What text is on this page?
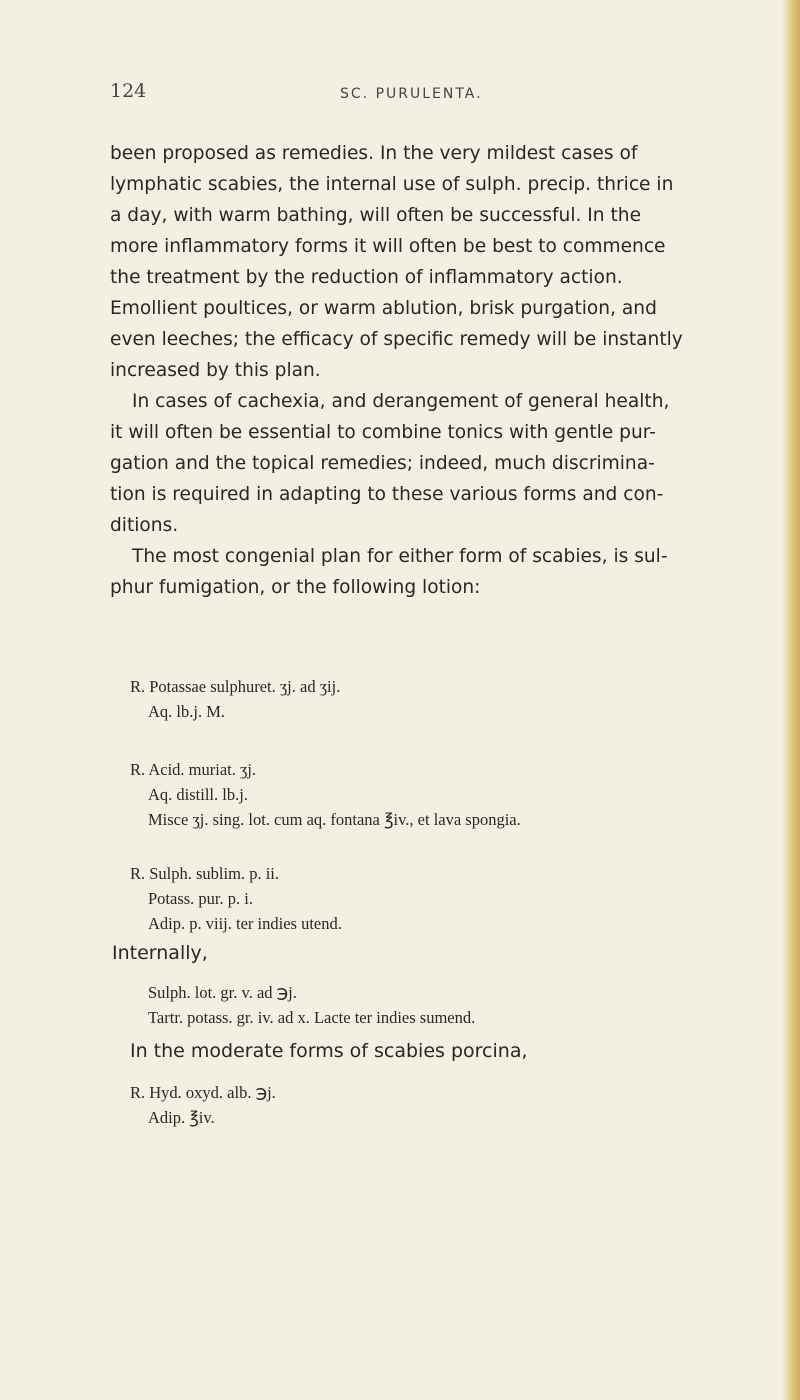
124	SC. PURULENTA.
been proposed as remedies. In the very mildest cases of
lymphatic scabies, the internal use of sulph. precip. thrice in
a day, with warm bathing, will often be successful. In the
more inflammatory forms it will often be best to commence
the treatment by the reduction of inflammatory action.
Emollient poultices, or warm ablution, brisk purgation, and
even leeches; the efficacy of specific remedy will be instantly
increased by this plan.
In cases of cachexia, and derangement of general health,
it will often be essential to combine tonics with gentle pur-
gation and the topical remedies; indeed, much discrimina-
tion is required in adapting to these various forms and con-
ditions.
The most congenial plan for either form of scabies, is sul-
phur fumigation, or the following lotion:
R. Potassae sulphuret. ʒj. ad ʒij.
Aq. lb.j. M.
R. Acid. muriat. ʒj.
Aq. distill. lb.j.
Misce ʒj. sing. lot. cum aq. fontana ℥iv., et lava spongia.
R. Sulph. sublim. p. ii.
Potass. pur. p. i.
Adip. p. viij. ter indies utend.
Internally,
Sulph. lot. gr. v. ad ℈j.
Tartr. potass. gr. iv. ad x. Lacte ter indies sumend.
In the moderate forms of scabies porcina,
R. Hyd. oxyd. alb. ℈j.
Adip. ℥iv.
